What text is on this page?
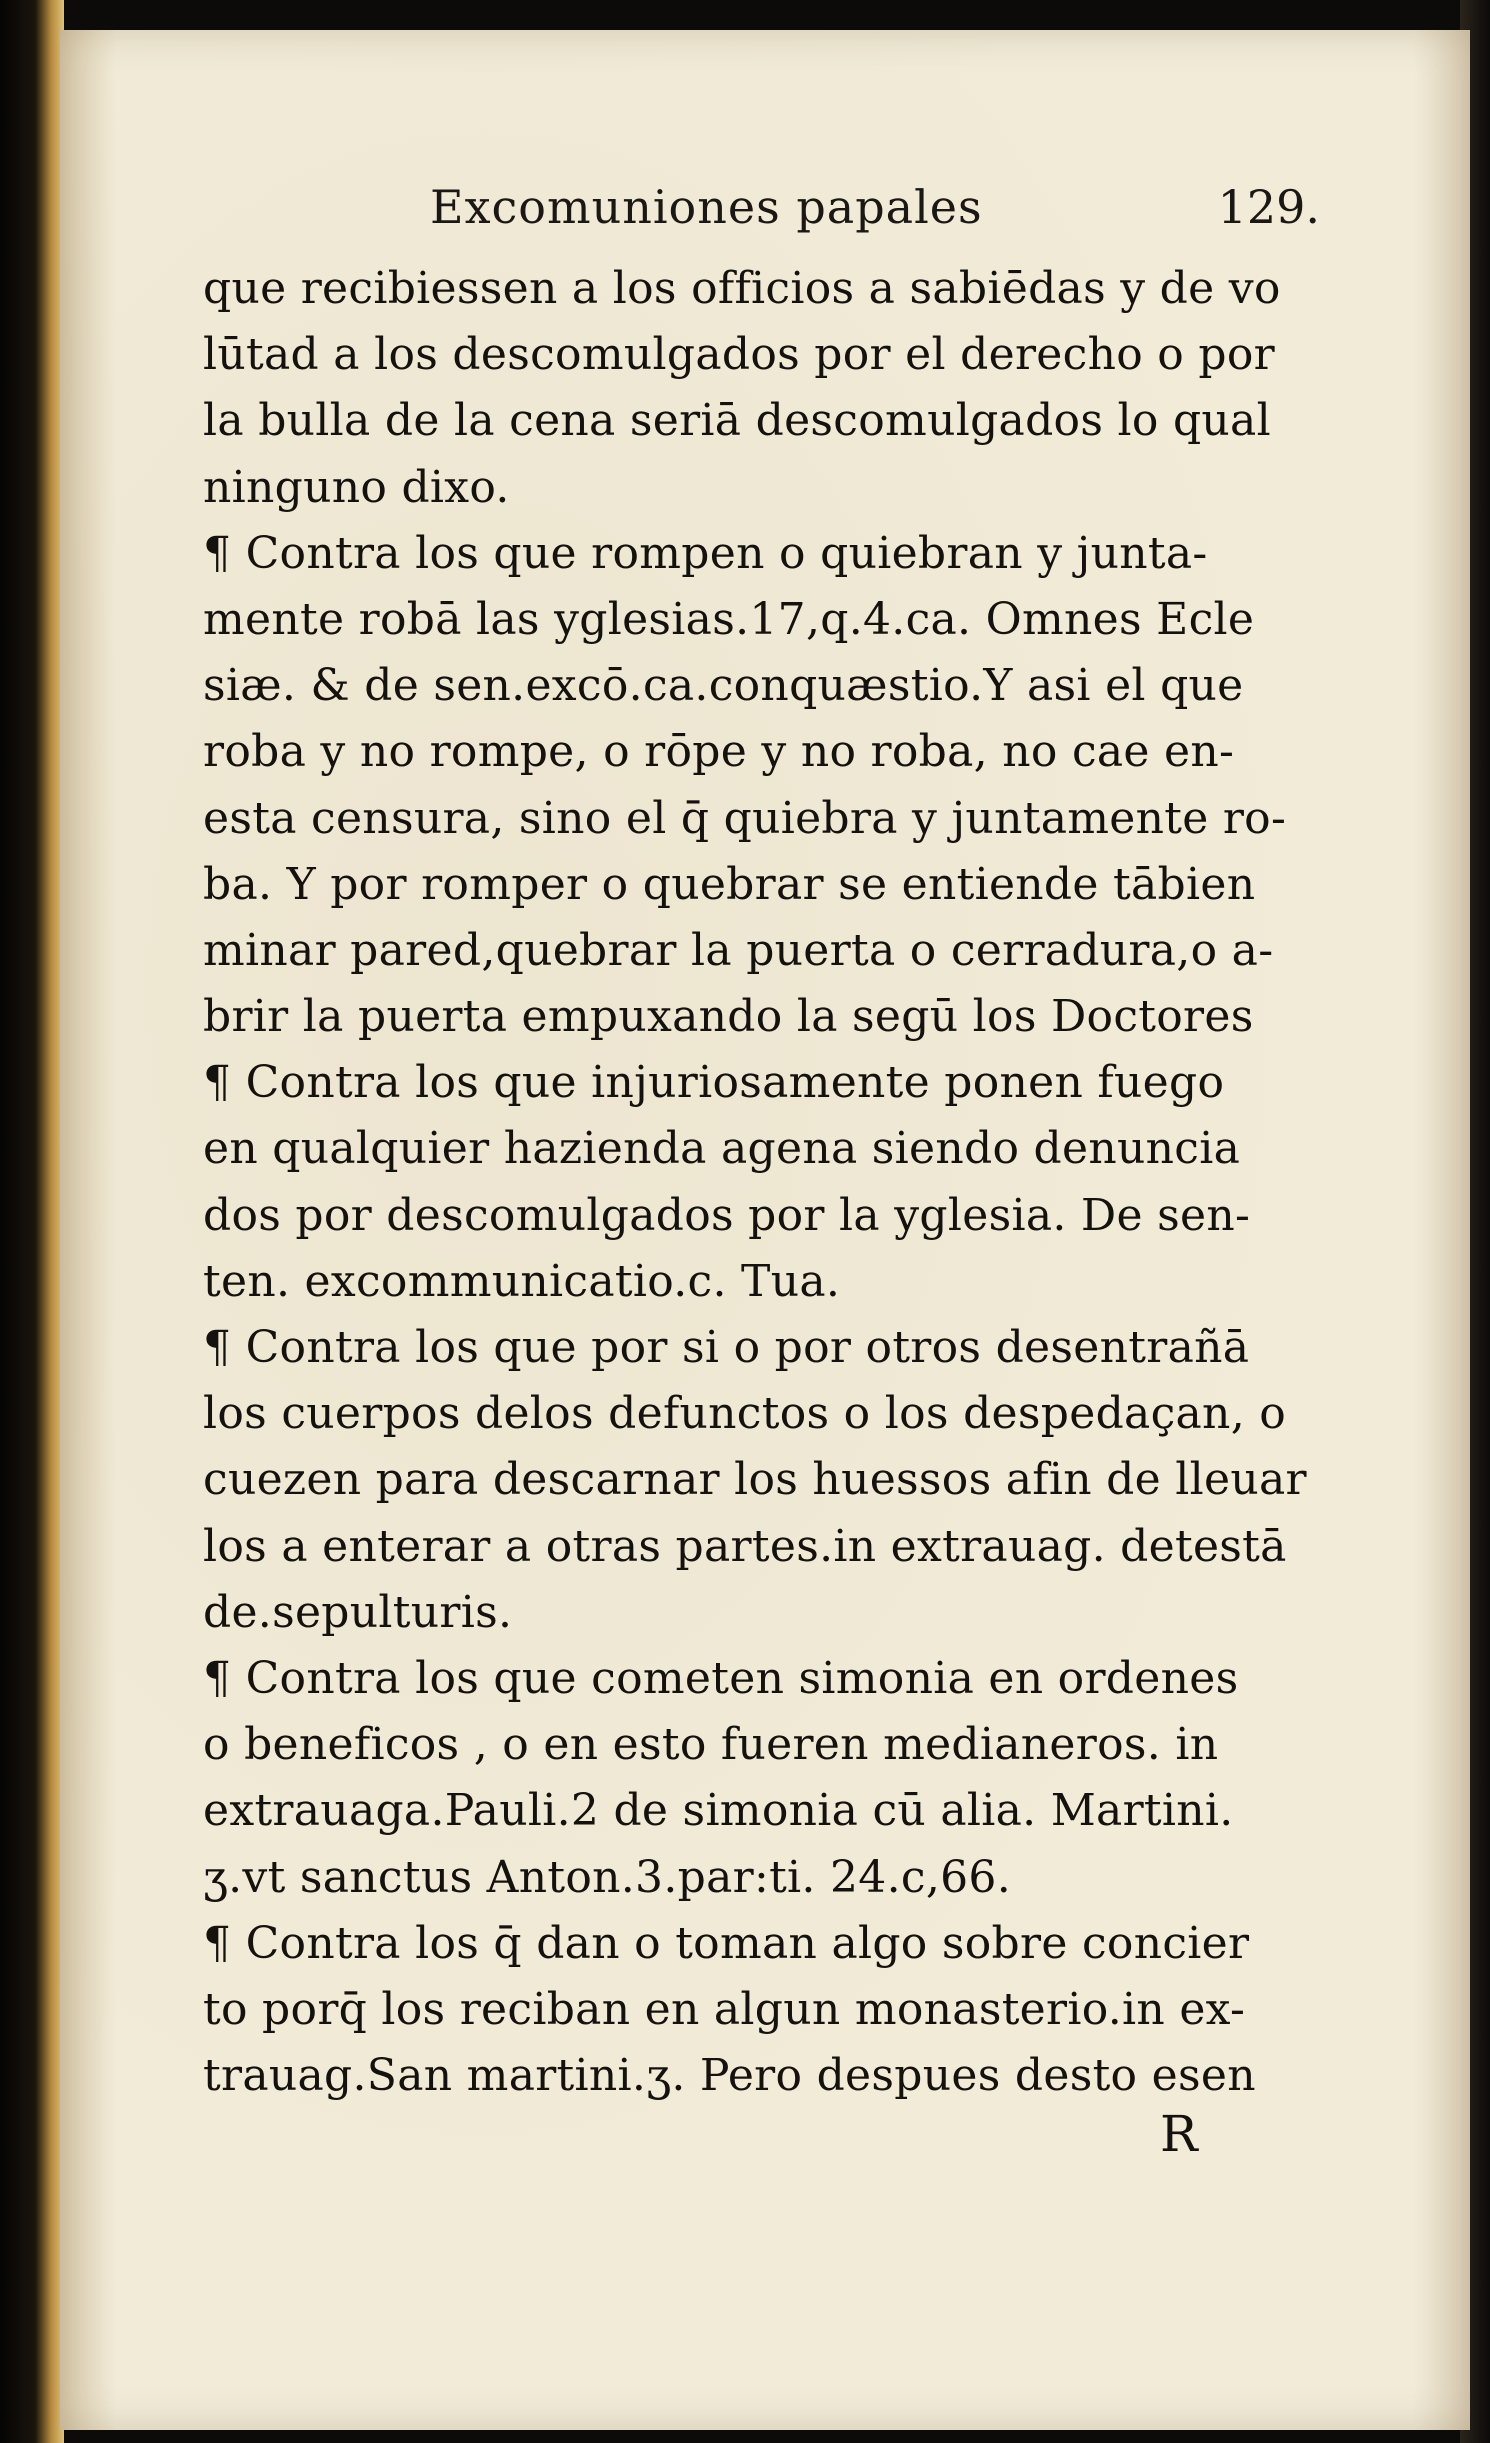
Excomuniones papales	129.
que recibiessen a los officios a sabiēdas y de vo
lūtad a los descomulgados por el derecho o por
la bulla de la cena seriā descomulgados lo qual
ninguno dixo.
¶ Contra los que rompen o quiebran y junta-
mente robā las yglesias.17,q.4.ca. Omnes Ecle
siæ. & de sen.excō.ca.conquæstio.Y asi el que
roba y no rompe, o rōpe y no roba, no cae en-
esta censura, sino el q̄ quiebra y juntamente ro-
ba. Y por romper o quebrar se entiende tābien
minar pared,quebrar la puerta o cerradura,o a-
brir la puerta empuxando la segū los Doctores
¶ Contra los que injuriosamente ponen fuego
en qualquier hazienda agena siendo denuncia
dos por descomulgados por la yglesia. De sen-
ten. excommunicatio.c. Tua.
¶ Contra los que por si o por otros desentrañā
los cuerpos delos defunctos o los despedaçan, o
cuezen para descarnar los huessos afin de lleuar
los a enterar a otras partes.in extrauag. detestā
de.sepulturis.
¶ Contra los que cometen simonia en ordenes
o beneficos , o en esto fueren medianeros. in
extrauaga.Pauli.2 de simonia cū alia. Martini.
ʒ.vt sanctus Anton.3.par:ti. 24.c,66.
¶ Contra los q̄ dan o toman algo sobre concier
to porq̄ los reciban en algun monasterio.in ex-
trauag.San martini.ʒ. Pero despues desto esen
R
